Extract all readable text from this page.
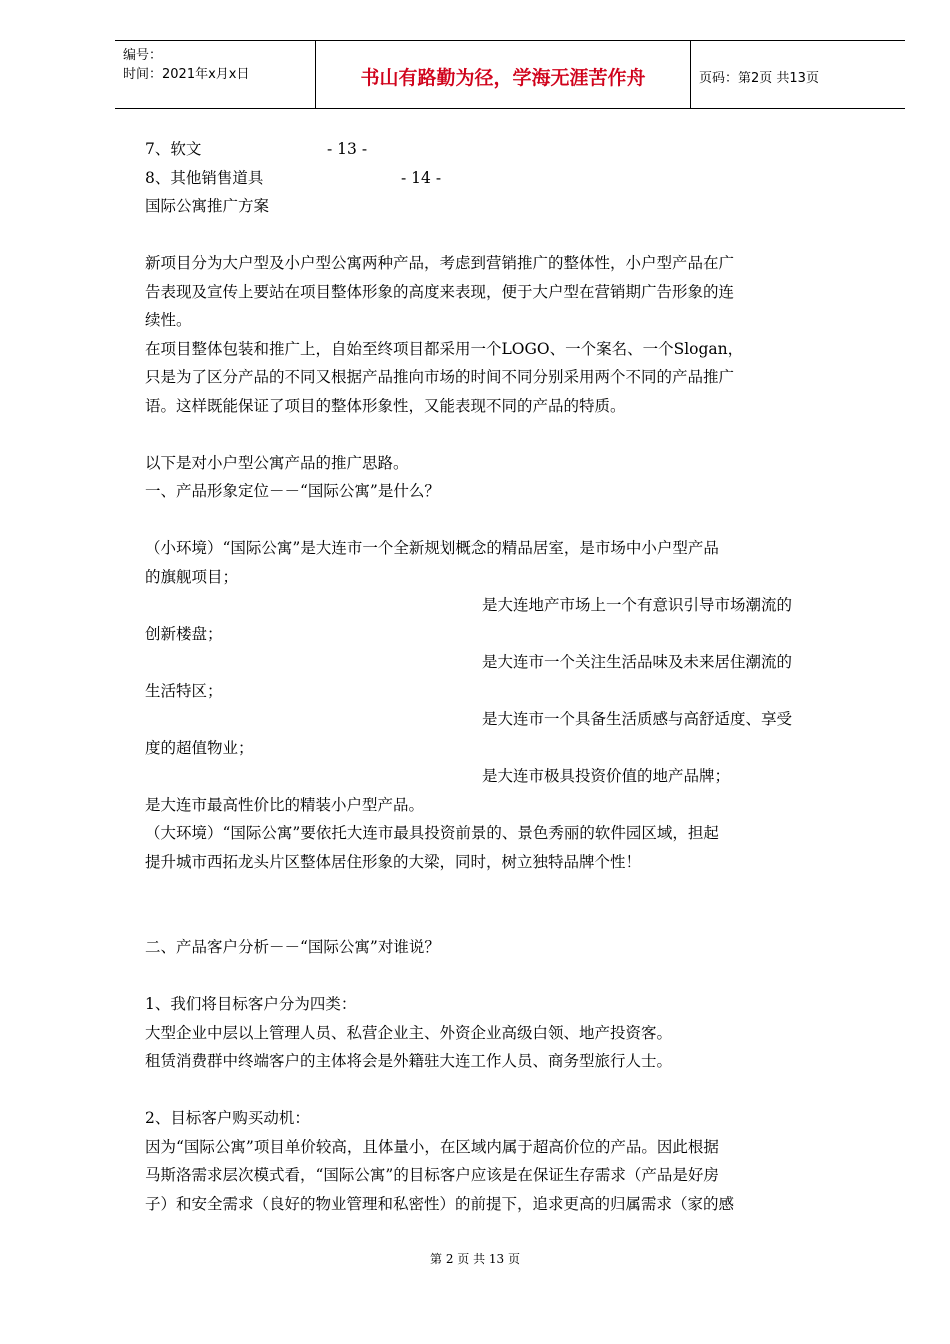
编号：
时间：2021年x月x日	书山有路勤为径，学海无涯苦作舟	页码：第2页 共13页

7、软文	- 13 -

8、其他销售道具	- 14 -

国际公寓推广方案

新项目分为大户型及小户型公寓两种产品，考虑到营销推广的整体性，小户型产品在广

告表现及宣传上要站在项目整体形象的高度来表现，便于大户型在营销期广告形象的连

续性。

在项目整体包装和推广上，自始至终项目都采用一个LOGO、一个案名、一个Slogan，

只是为了区分产品的不同又根据产品推向市场的时间不同分别采用两个不同的产品推广

语。这样既能保证了项目的整体形象性，又能表现不同的产品的特质。

以下是对小户型公寓产品的推广思路。

一、产品形象定位－－“国际公寓”是什么？

（小环境）“国际公寓”是大连市一个全新规划概念的精品居室，是市场中小户型产品

的旗舰项目；

是大连地产市场上一个有意识引导市场潮流的

创新楼盘；

是大连市一个关注生活品味及未来居住潮流的

生活特区；

是大连市一个具备生活质感与高舒适度、享受

度的超值物业；

是大连市极具投资价值的地产品牌；

是大连市最高性价比的精装小户型产品。

（大环境）“国际公寓”要依托大连市最具投资前景的、景色秀丽的软件园区域，担起

提升城市西拓龙头片区整体居住形象的大梁，同时，树立独特品牌个性！

二、产品客户分析－－“国际公寓”对谁说？

1、我们将目标客户分为四类：

大型企业中层以上管理人员、私营企业主、外资企业高级白领、地产投资客。

租赁消费群中终端客户的主体将会是外籍驻大连工作人员、商务型旅行人士。

2、目标客户购买动机：

因为“国际公寓”项目单价较高，且体量小，在区域内属于超高价位的产品。因此根据

马斯洛需求层次模式看，“国际公寓”的目标客户应该是在保证生存需求（产品是好房

子）和安全需求（良好的物业管理和私密性）的前提下，追求更高的归属需求（家的感

第 2 页 共 13 页
